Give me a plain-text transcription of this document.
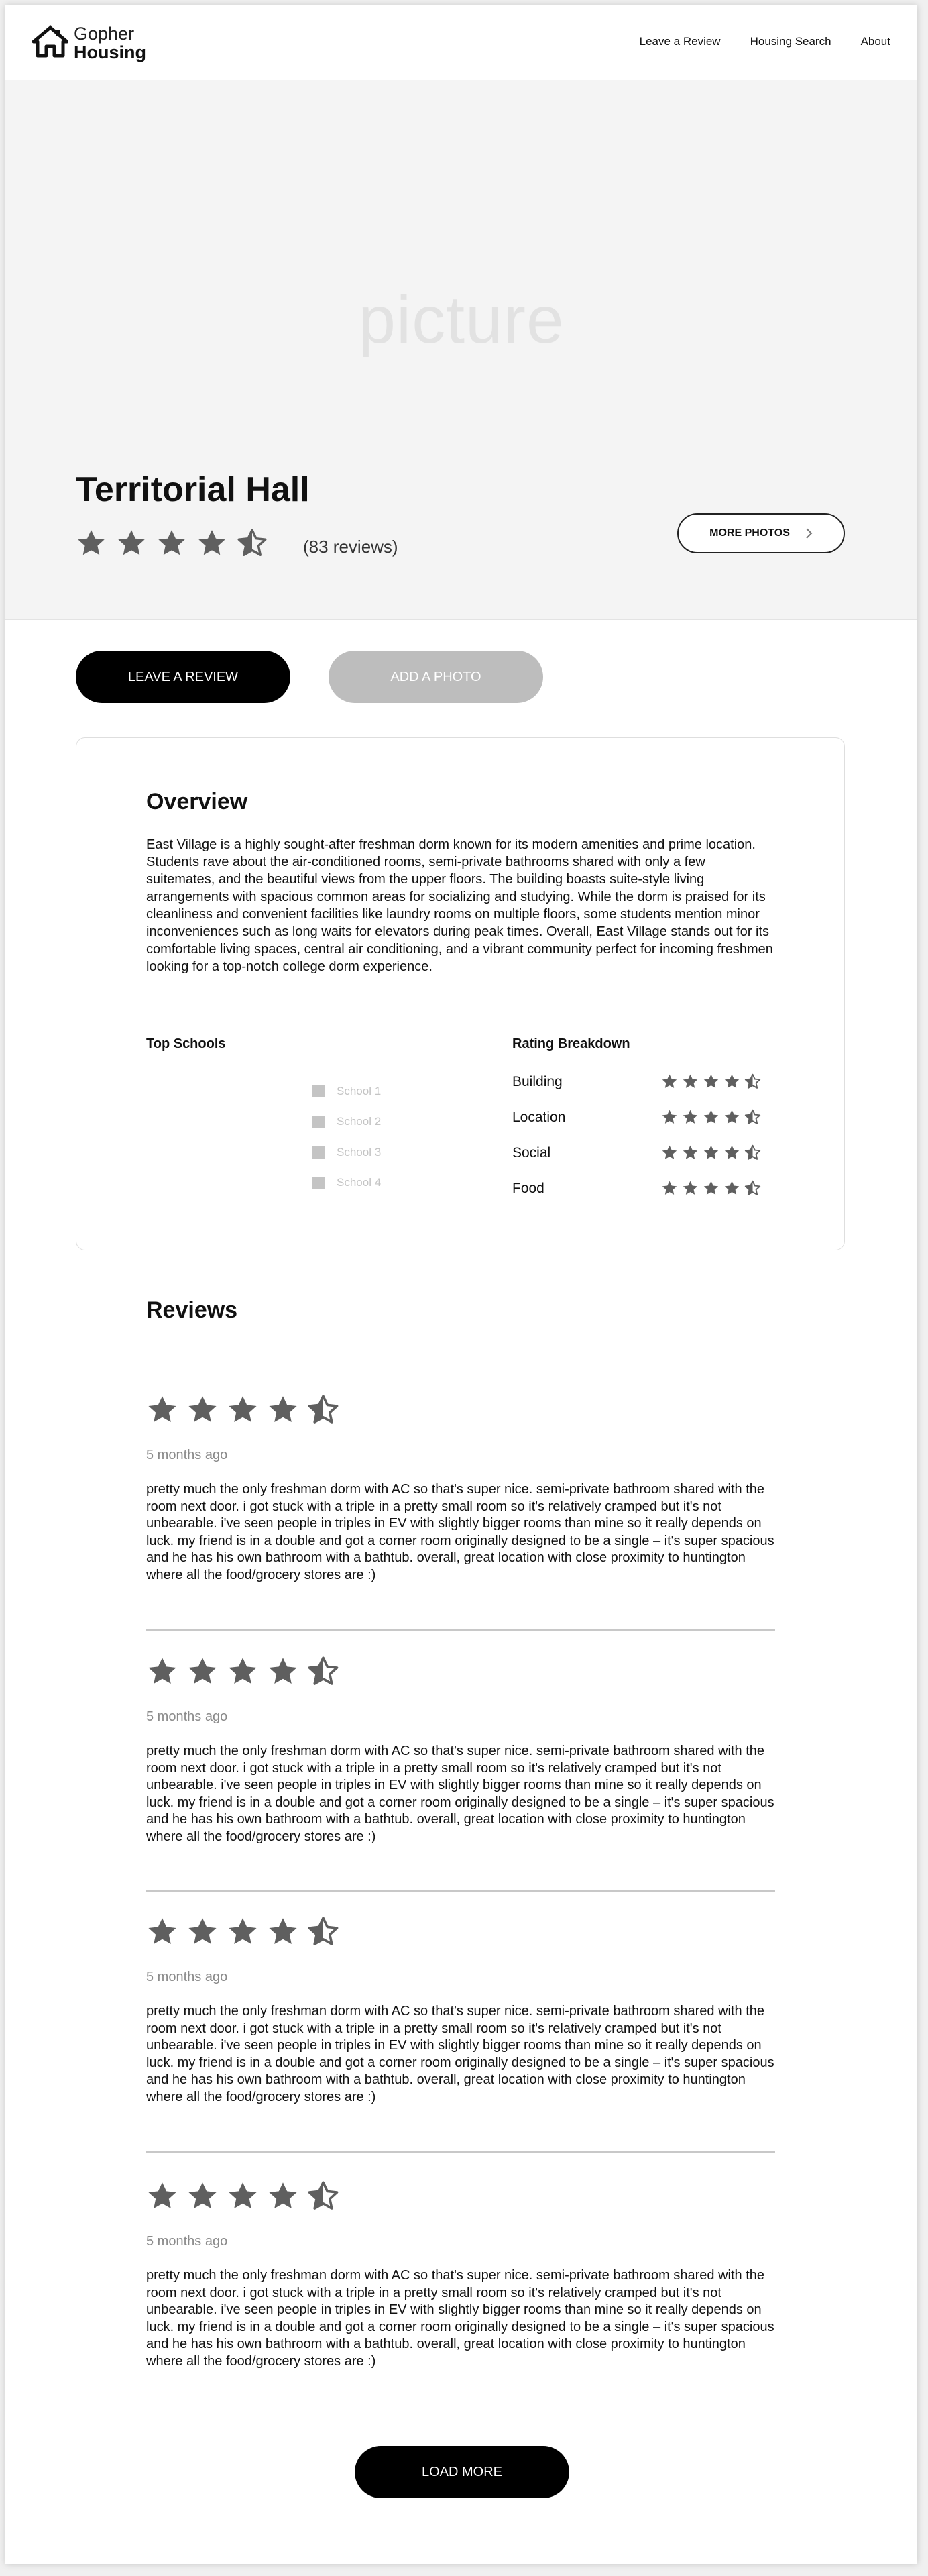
Gopher
Housing
Leave a Review	Housing Search	About
picture
Territorial Hall
(83 reviews)
MORE PHOTOS
LEAVE A REVIEW	ADD A PHOTO
Overview

East Village is a highly sought-after freshman dorm known for its modern amenities and prime location. Students rave about the air-conditioned rooms, semi-private bathrooms shared with only a few suitemates, and the beautiful views from the upper floors. The building boasts suite-style living arrangements with spacious common areas for socializing and studying. While the dorm is praised for its cleanliness and convenient facilities like laundry rooms on multiple floors, some students mention minor inconveniences such as long waits for elevators during peak times. Overall, East Village stands out for its comfortable living spaces, central air conditioning, and a vibrant community perfect for incoming freshmen looking for a top-notch college dorm experience.

Top Schools
School 1
School 2
School 3
School 4
Rating Breakdown
Building
Location
Social
Food
Reviews
5 months ago

pretty much the only freshman dorm with AC so that's super nice. semi-private bathroom shared with the room next door. i got stuck with a triple in a pretty small room so it's relatively cramped but it's not unbearable. i've seen people in triples in EV with slightly bigger rooms than mine so it really depends on luck. my friend is in a double and got a corner room originally designed to be a single – it's super spacious and he has his own bathroom with a bathtub. overall, great location with close proximity to huntington where all the food/grocery stores are :)

5 months ago

pretty much the only freshman dorm with AC so that's super nice. semi-private bathroom shared with the room next door. i got stuck with a triple in a pretty small room so it's relatively cramped but it's not unbearable. i've seen people in triples in EV with slightly bigger rooms than mine so it really depends on luck. my friend is in a double and got a corner room originally designed to be a single – it's super spacious and he has his own bathroom with a bathtub. overall, great location with close proximity to huntington where all the food/grocery stores are :)

5 months ago

pretty much the only freshman dorm with AC so that's super nice. semi-private bathroom shared with the room next door. i got stuck with a triple in a pretty small room so it's relatively cramped but it's not unbearable. i've seen people in triples in EV with slightly bigger rooms than mine so it really depends on luck. my friend is in a double and got a corner room originally designed to be a single – it's super spacious and he has his own bathroom with a bathtub. overall, great location with close proximity to huntington where all the food/grocery stores are :)

5 months ago

pretty much the only freshman dorm with AC so that's super nice. semi-private bathroom shared with the room next door. i got stuck with a triple in a pretty small room so it's relatively cramped but it's not unbearable. i've seen people in triples in EV with slightly bigger rooms than mine so it really depends on luck. my friend is in a double and got a corner room originally designed to be a single – it's super spacious and he has his own bathroom with a bathtub. overall, great location with close proximity to huntington where all the food/grocery stores are :)

LOAD MORE
